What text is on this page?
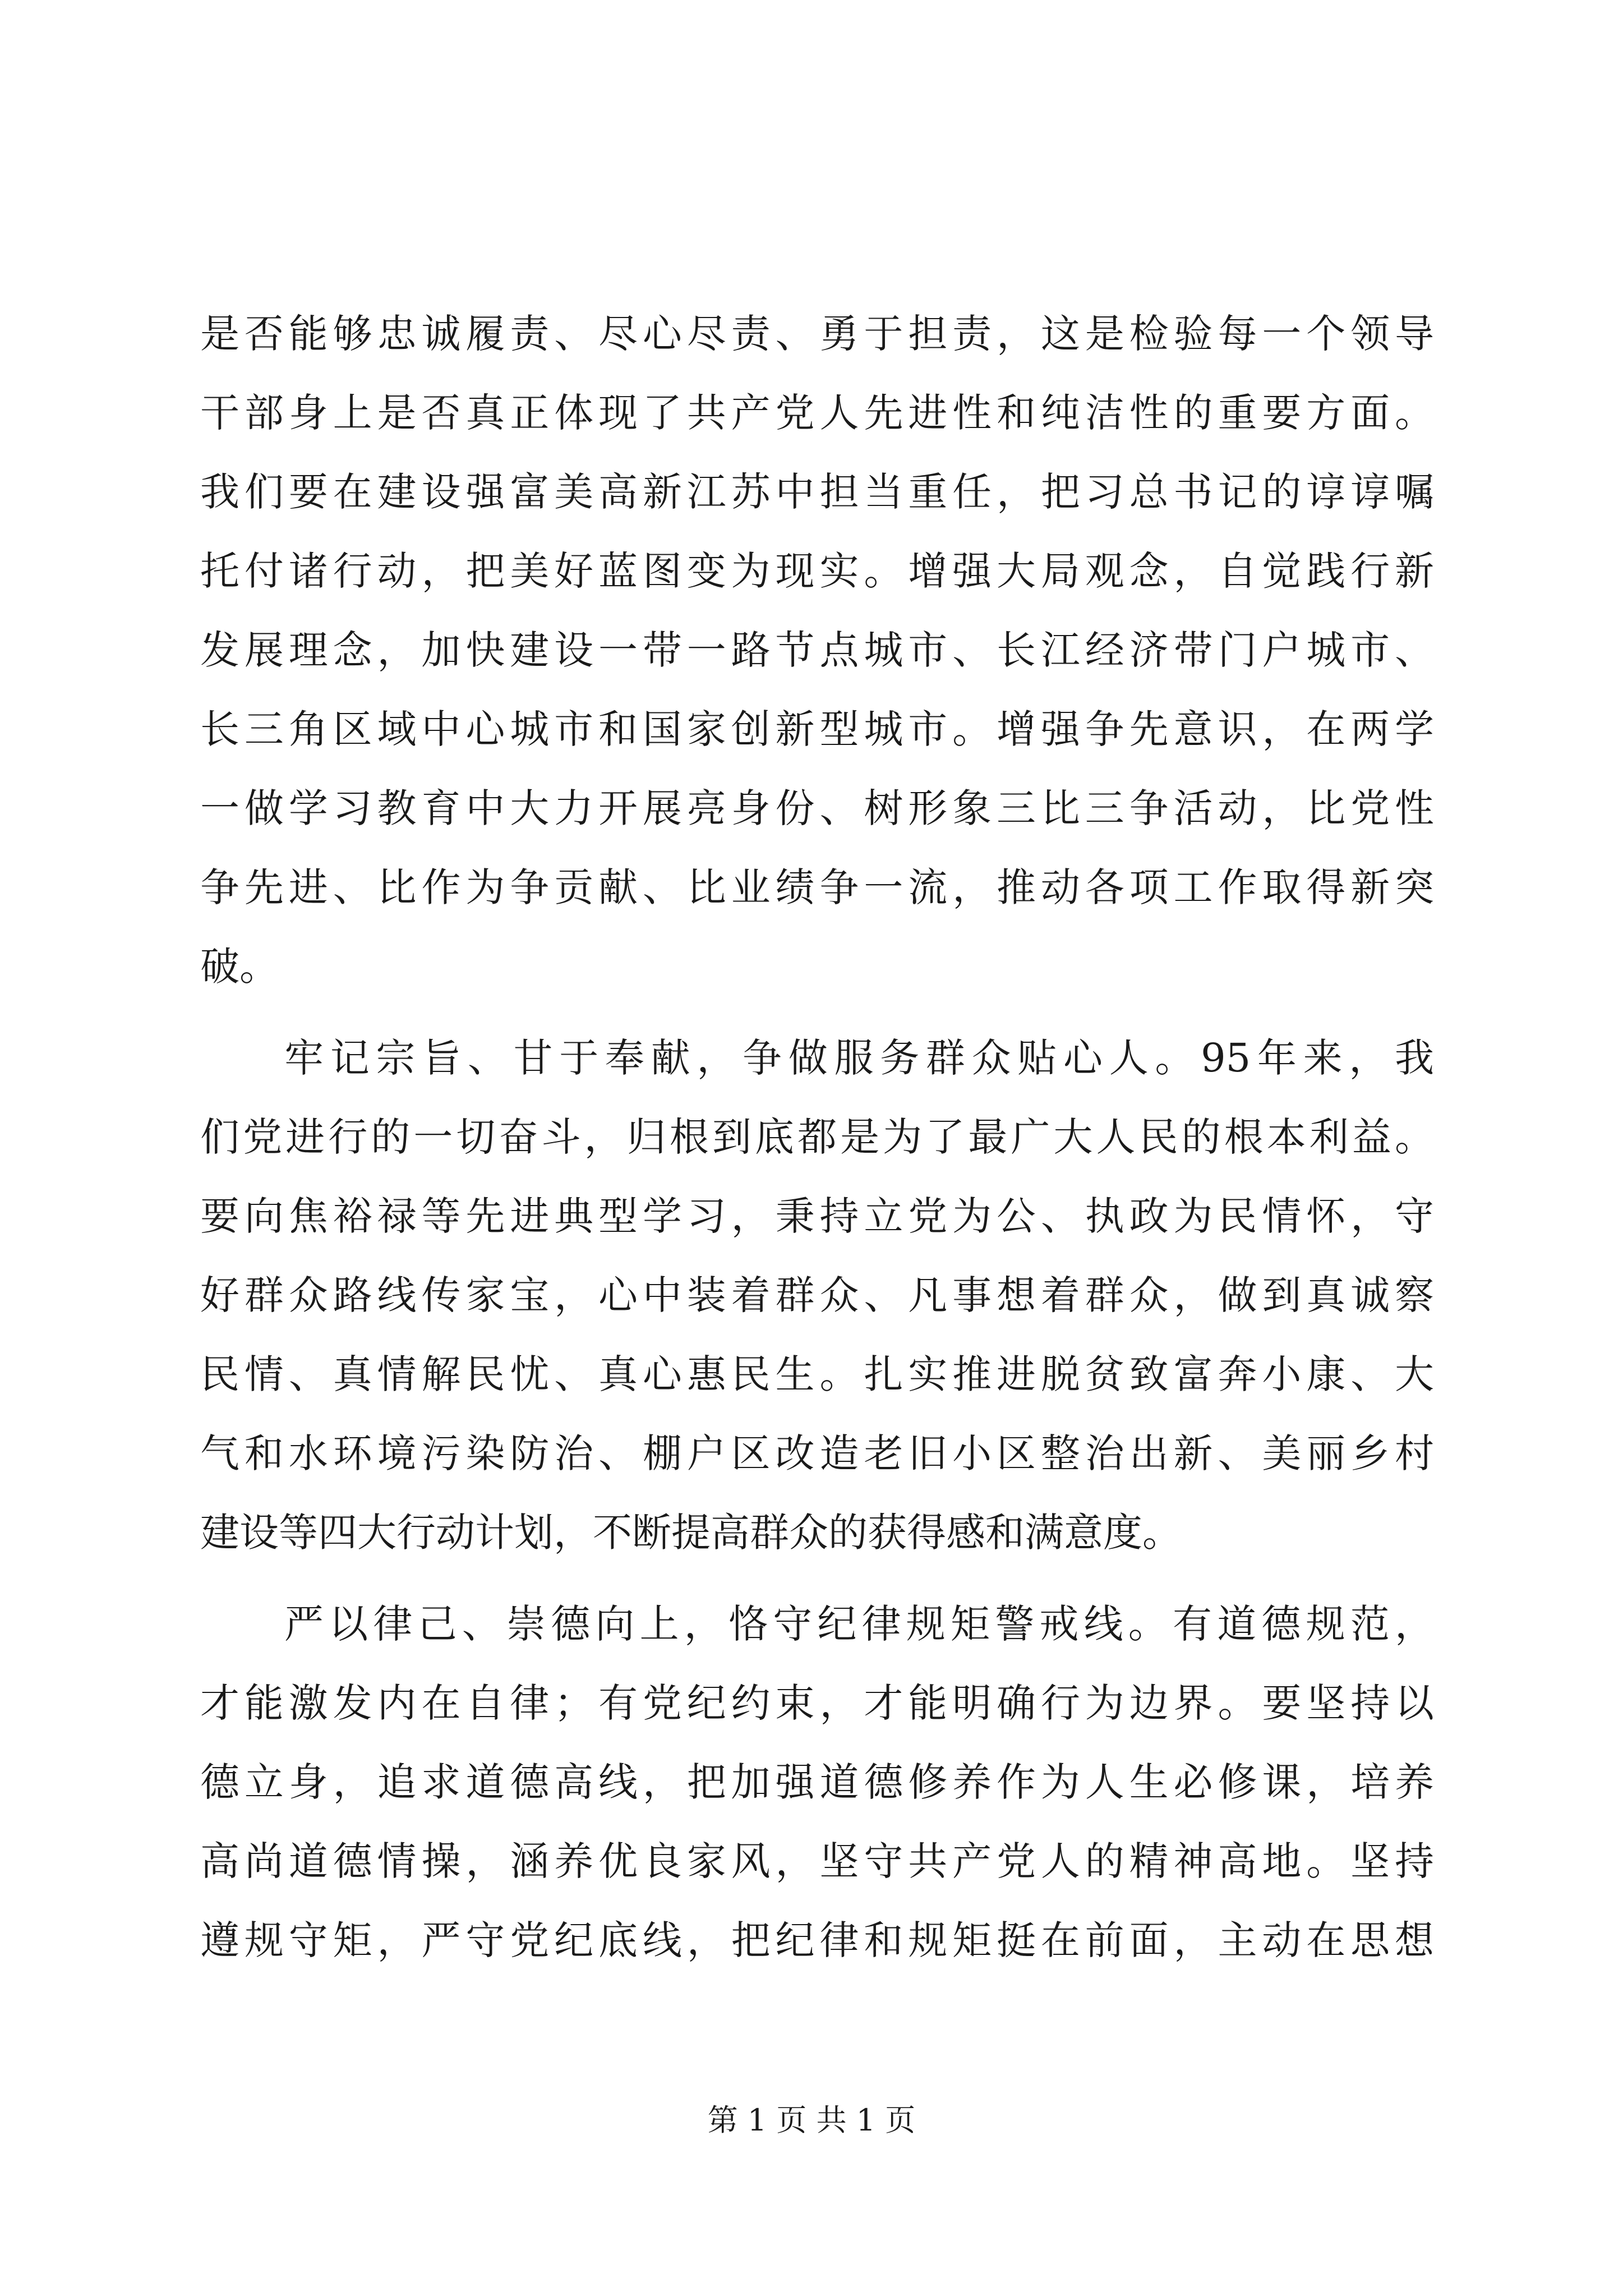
是否能够忠诚履责、尽心尽责、勇于担责，这是检验每一个领导
干部身上是否真正体现了共产党人先进性和纯洁性的重要方面。
我们要在建设强富美高新江苏中担当重任，把习总书记的谆谆嘱
托付诸行动，把美好蓝图变为现实。增强大局观念，自觉践行新
发展理念，加快建设一带一路节点城市、长江经济带门户城市、
长三角区域中心城市和国家创新型城市。增强争先意识，在两学
一做学习教育中大力开展亮身份、树形象三比三争活动，比党性
争先进、比作为争贡献、比业绩争一流，推动各项工作取得新突
破。
牢记宗旨、甘于奉献，争做服务群众贴心人。95年来，我
们党进行的一切奋斗，归根到底都是为了最广大人民的根本利益。
要向焦裕禄等先进典型学习，秉持立党为公、执政为民情怀，守
好群众路线传家宝，心中装着群众、凡事想着群众，做到真诚察
民情、真情解民忧、真心惠民生。扎实推进脱贫致富奔小康、大
气和水环境污染防治、棚户区改造老旧小区整治出新、美丽乡村
建设等四大行动计划，不断提高群众的获得感和满意度。
严以律己、崇德向上，恪守纪律规矩警戒线。有道德规范，
才能激发内在自律；有党纪约束，才能明确行为边界。要坚持以
德立身，追求道德高线，把加强道德修养作为人生必修课，培养
高尚道德情操，涵养优良家风，坚守共产党人的精神高地。坚持
遵规守矩，严守党纪底线，把纪律和规矩挺在前面，主动在思想
第 1 页 共 1 页
